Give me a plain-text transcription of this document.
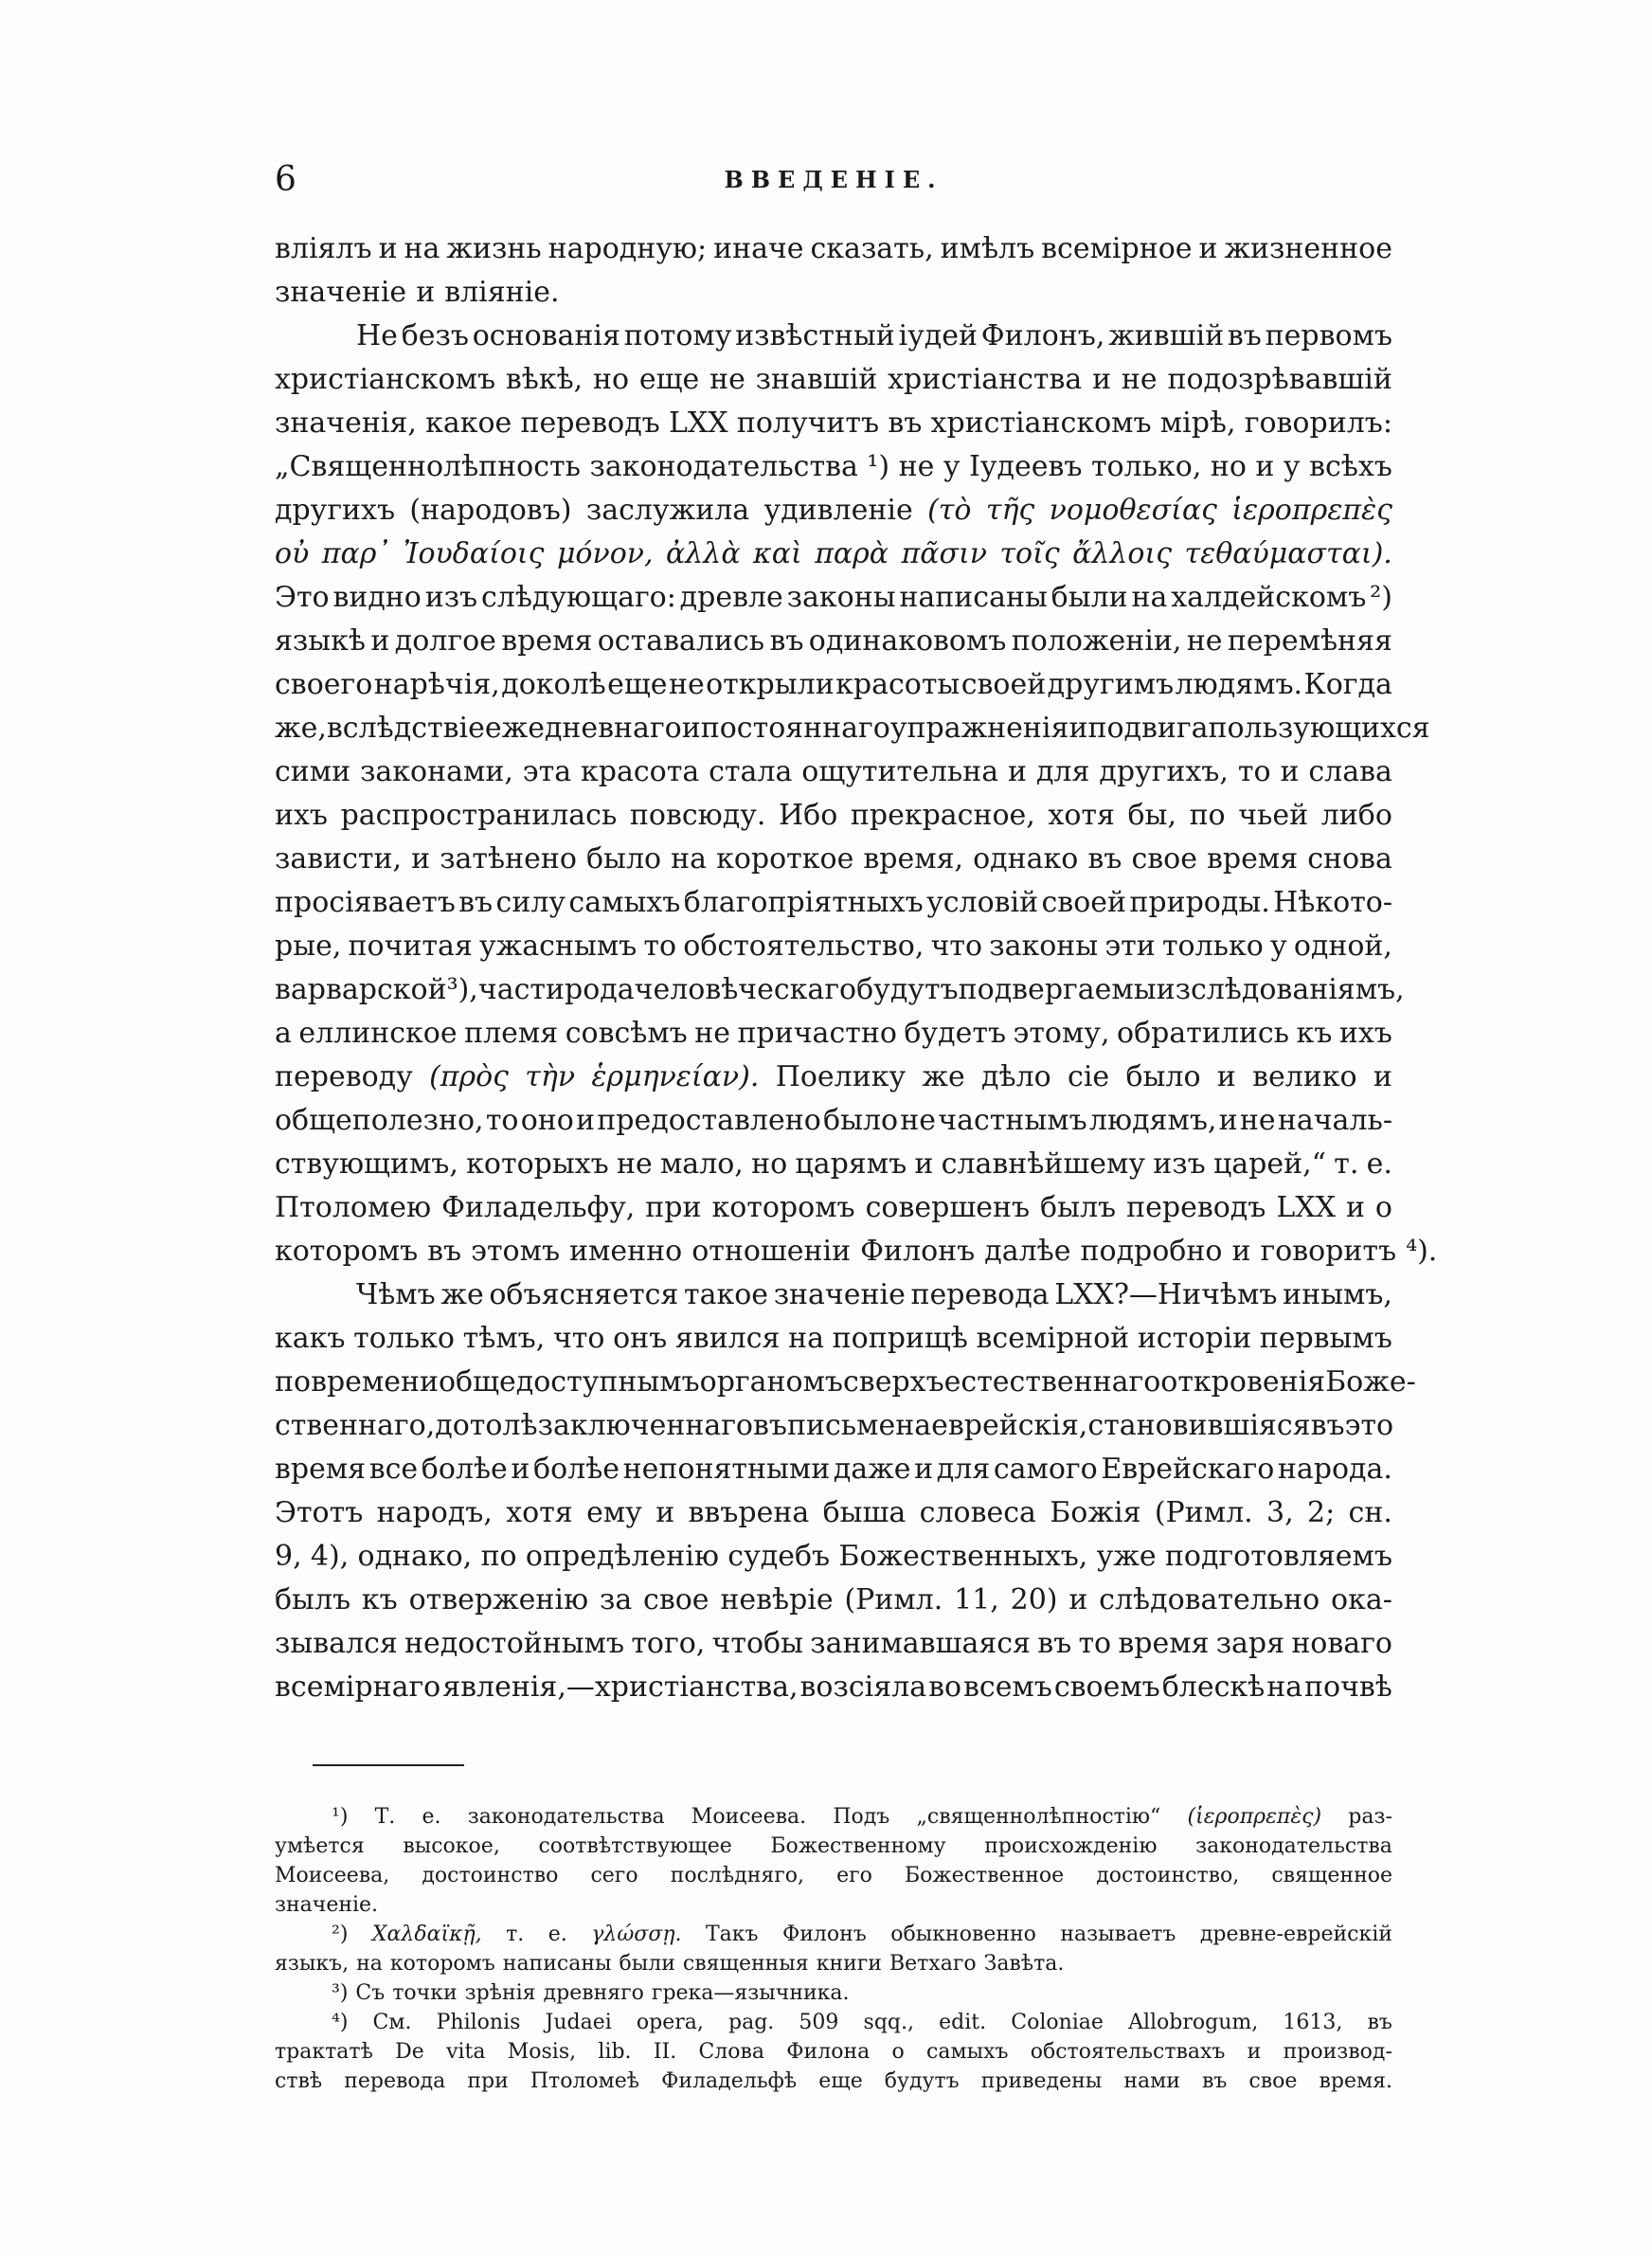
6	ВВЕДЕНІЕ.
вліялъ и на жизнь народную; иначе сказать, имѣлъ всемірное и жизненное
значеніе и вліяніе.
Не безъ основанія потому извѣстный іудей Филонъ, жившій въ первомъ
христіанскомъ вѣкѣ, но еще не знавшій христіанства и не подозрѣвавшій
значенія, какое переводъ LXX получитъ въ христіанскомъ мірѣ, говорилъ:
„Священнолѣпность законодательства ¹) не у Іудеевъ только, но и у всѣхъ
другихъ (народовъ) заслужила удивленіе (τὸ τῆς νομοθεσίας ἱεροπρεπὲς
οὐ παρ᾽ Ἰουδαίοις μόνον, ἀλλὰ καὶ παρὰ πᾶσιν τοῖς ἄλλοις τεθαύμασται).
Это видно изъ слѣдующаго: древле законы написаны были на халдейскомъ ²)
языкѣ и долгое время оставались въ одинаковомъ положеніи, не перемѣняя
своего нарѣчія, доколѣ еще не открыли красоты своей другимъ людямъ. Когда
же, вслѣдствіе ежедневнаго и постояннаго упражненія и подвига пользующихся
сими законами, эта красота стала ощутительна и для другихъ, то и слава
ихъ распространилась повсюду. Ибо прекрасное, хотя бы, по чьей либо
зависти, и затѣнено было на короткое время, однако въ свое время снова
просіяваетъ въ силу самыхъ благопріятныхъ условій своей природы. Нѣкото-
рые, почитая ужаснымъ то обстоятельство, что законы эти только у одной,
варварской ³), части рода человѣческаго будутъ подвергаемы изслѣдованіямъ,
а еллинское племя совсѣмъ не причастно будетъ этому, обратились къ ихъ
переводу (πρὸς τὴν ἑρμηνείαν). Поелику же дѣло сіе было и велико и
общеполезно, то оно и предоставлено было не частнымъ людямъ, и не началь-
ствующимъ, которыхъ не мало, но царямъ и славнѣйшему изъ царей,“ т. е.
Птоломею Филадельфу, при которомъ совершенъ былъ переводъ LXX и о
которомъ въ этомъ именно отношеніи Филонъ далѣе подробно и говоритъ ⁴).
Чѣмъ же объясняется такое значеніе перевода LXX?—Ничѣмъ инымъ,
какъ только тѣмъ, что онъ явился на поприщѣ всемірной исторіи первымъ
по времени общедоступнымъ органомъ сверхъестественнаго откровенія Боже-
ственнаго, дотолѣ заключеннаго въ письмена еврейскія, становившіяся въ это
время все болѣе и болѣе непонятными даже и для самого Еврейскаго народа.
Этотъ народъ, хотя ему и ввърена быша словеса Божія (Римл. 3, 2; сн.
9, 4), однако, по опредѣленію судебъ Божественныхъ, уже подготовляемъ
былъ къ отверженію за свое невѣріе (Римл. 11, 20) и слѣдовательно ока-
зывался недостойнымъ того, чтобы занимавшаяся въ то время заря новаго
всемірнаго явленія,—христіанства, возсіяла во всемъ своемъ блескѣ на почвѣ
¹) Т. е. законодательства Моисеева. Подъ „священнолѣпностію“ (ἱεροπρεπὲς) раз-
умѣется высокое, соотвѣтствующее Божественному происхожденію законодательства
Моисеева, достоинство сего послѣдняго, его Божественное достоинство, священное
значеніе.
²) Χαλδαϊκῇ, т. е. γλώσσῃ. Такъ Филонъ обыкновенно называетъ древне-еврейскій
языкъ, на которомъ написаны были священныя книги Ветхаго Завѣта.
³) Съ точки зрѣнія древняго грека—язычника.
⁴) См. Philonis Judaei opera, pag. 509 sqq., edit. Coloniae Allobrogum, 1613, въ
трактатѣ De vita Mosis, lib. II. Слова Филона о самыхъ обстоятельствахъ и производ-
ствѣ перевода при Птоломеѣ Филадельфѣ еще будутъ приведены нами въ свое время.
